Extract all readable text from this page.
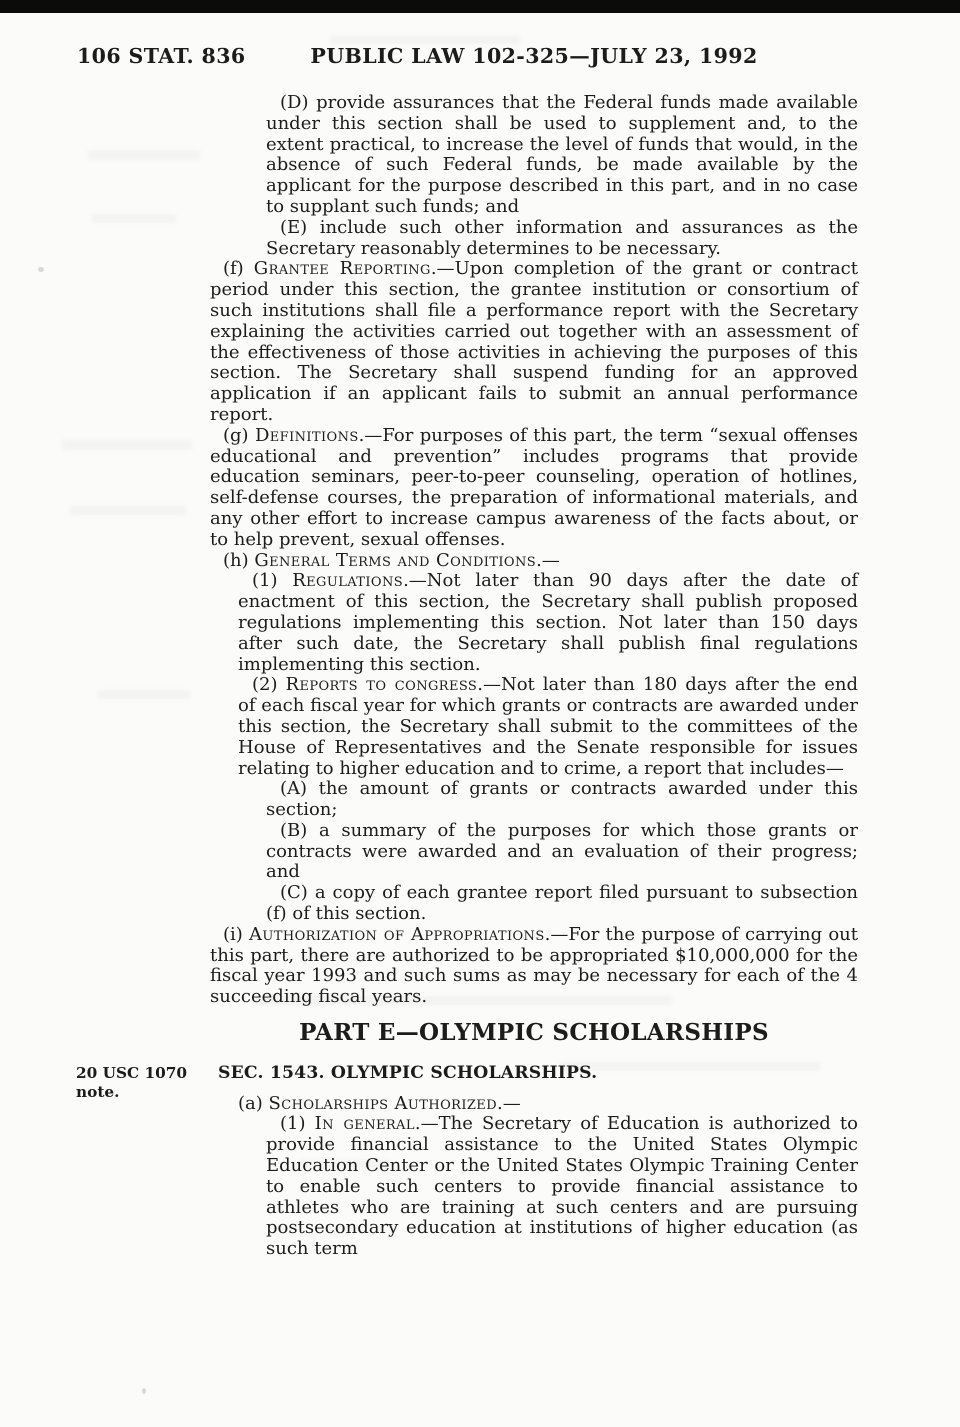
106 STAT. 836	PUBLIC LAW 102-325—JULY 23, 1992
(D) provide assurances that the Federal funds made available under this section shall be used to supplement and, to the extent practical, to increase the level of funds that would, in the absence of such Federal funds, be made available by the applicant for the purpose described in this part, and in no case to supplant such funds; and
(E) include such other information and assurances as the Secretary reasonably determines to be necessary.
(f) Grantee Reporting.—Upon completion of the grant or contract period under this section, the grantee institution or consortium of such institutions shall file a performance report with the Secretary explaining the activities carried out together with an assessment of the effectiveness of those activities in achieving the purposes of this section. The Secretary shall suspend funding for an approved application if an applicant fails to submit an annual performance report.
(g) Definitions.—For purposes of this part, the term “sexual offenses educational and prevention” includes programs that provide education seminars, peer-to-peer counseling, operation of hotlines, self-defense courses, the preparation of informational materials, and any other effort to increase campus awareness of the facts about, or to help prevent, sexual offenses.
(h) General Terms and Conditions.—
(1) Regulations.—Not later than 90 days after the date of enactment of this section, the Secretary shall publish proposed regulations implementing this section. Not later than 150 days after such date, the Secretary shall publish final regulations implementing this section.
(2) Reports to congress.—Not later than 180 days after the end of each fiscal year for which grants or contracts are awarded under this section, the Secretary shall submit to the committees of the House of Representatives and the Senate responsible for issues relating to higher education and to crime, a report that includes—
(A) the amount of grants or contracts awarded under this section;
(B) a summary of the purposes for which those grants or contracts were awarded and an evaluation of their progress; and
(C) a copy of each grantee report filed pursuant to subsection (f) of this section.
(i) Authorization of Appropriations.—For the purpose of carrying out this part, there are authorized to be appropriated $10,000,000 for the fiscal year 1993 and such sums as may be necessary for each of the 4 succeeding fiscal years.
PART E—OLYMPIC SCHOLARSHIPS
20 USC 1070
note.
SEC. 1543. OLYMPIC SCHOLARSHIPS.
(a) Scholarships Authorized.—
(1) In general.—The Secretary of Education is authorized to provide financial assistance to the United States Olympic Education Center or the United States Olympic Training Center to enable such centers to provide financial assistance to athletes who are training at such centers and are pursuing postsecondary education at institutions of higher education (as such term
